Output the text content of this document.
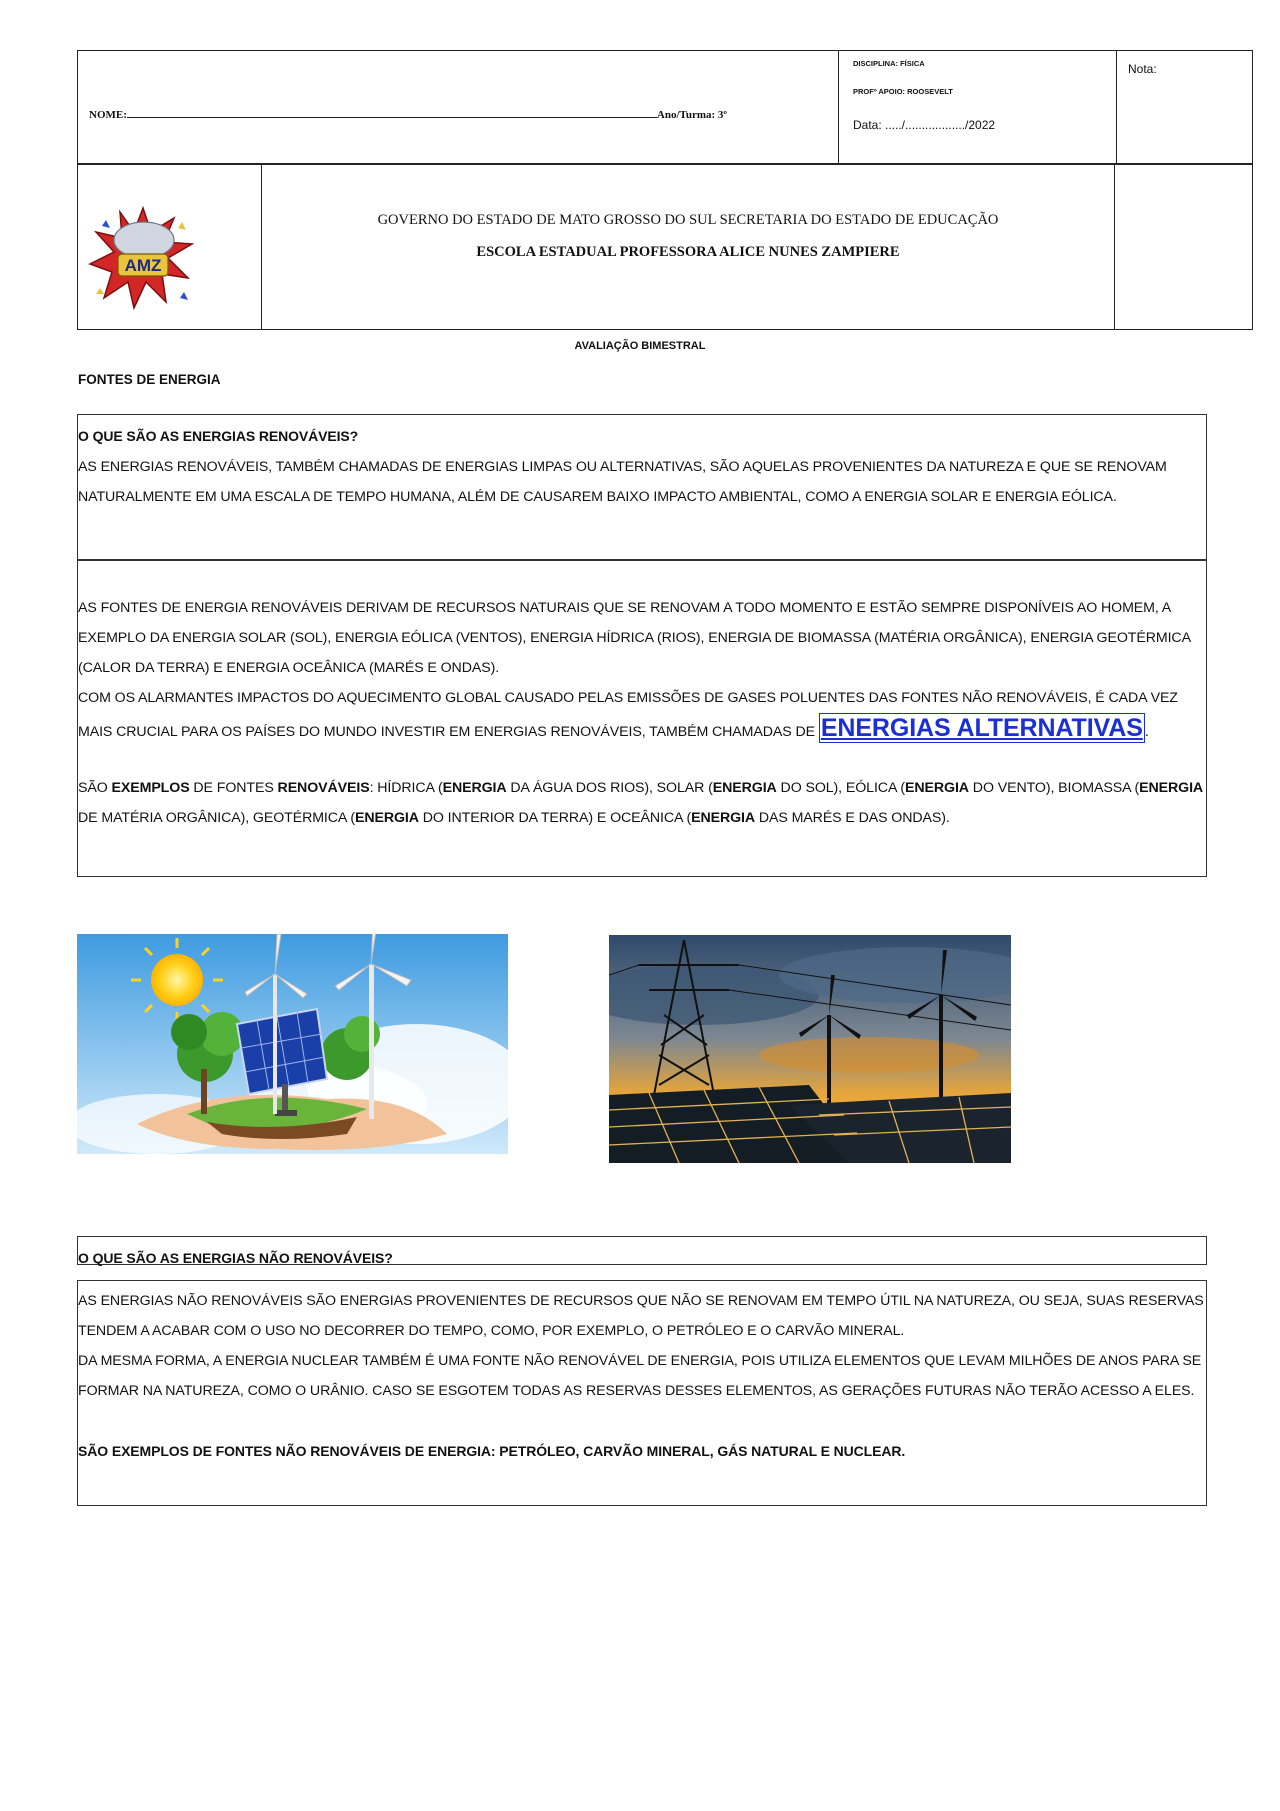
NOME:	Ano/Turma: 3º
DISCIPLINA: FÍSICA
PROFº APOIO: ROOSEVELT
Data: ...../................../2022
Nota:
AMZ
GOVERNO DO ESTADO DE MATO GROSSO DO SUL SECRETARIA DO ESTADO DE EDUCAÇÃO
ESCOLA ESTADUAL PROFESSORA ALICE NUNES ZAMPIERE
AVALIAÇÃO BIMESTRAL
FONTES DE ENERGIA
O QUE SÃO AS ENERGIAS RENOVÁVEIS?
AS ENERGIAS RENOVÁVEIS, TAMBÉM CHAMADAS DE ENERGIAS LIMPAS OU ALTERNATIVAS, SÃO AQUELAS PROVENIENTES DA NATUREZA E QUE SE RENOVAM NATURALMENTE EM UMA ESCALA DE TEMPO HUMANA, ALÉM DE CAUSAREM BAIXO IMPACTO AMBIENTAL, COMO A ENERGIA SOLAR E ENERGIA EÓLICA.
AS FONTES DE ENERGIA RENOVÁVEIS DERIVAM DE RECURSOS NATURAIS QUE SE RENOVAM A TODO MOMENTO E ESTÃO SEMPRE DISPONÍVEIS AO HOMEM, A EXEMPLO DA ENERGIA SOLAR (SOL), ENERGIA EÓLICA (VENTOS), ENERGIA HÍDRICA (RIOS), ENERGIA DE BIOMASSA (MATÉRIA ORGÂNICA), ENERGIA GEOTÉRMICA (CALOR DA TERRA) E ENERGIA OCEÂNICA (MARÉS E ONDAS).
COM OS ALARMANTES IMPACTOS DO AQUECIMENTO GLOBAL CAUSADO PELAS EMISSÕES DE GASES POLUENTES DAS FONTES NÃO RENOVÁVEIS, É CADA VEZ MAIS CRUCIAL PARA OS PAÍSES DO MUNDO INVESTIR EM ENERGIAS RENOVÁVEIS, TAMBÉM CHAMADAS DE ENERGIAS ALTERNATIVAS .
SÃO EXEMPLOS DE FONTES RENOVÁVEIS: HÍDRICA (ENERGIA DA ÁGUA DOS RIOS), SOLAR (ENERGIA DO SOL), EÓLICA (ENERGIA DO VENTO), BIOMASSA (ENERGIA DE MATÉRIA ORGÂNICA), GEOTÉRMICA (ENERGIA DO INTERIOR DA TERRA) E OCEÂNICA (ENERGIA DAS MARÉS E DAS ONDAS).
O QUE SÃO AS ENERGIAS NÃO RENOVÁVEIS?
AS ENERGIAS NÃO RENOVÁVEIS SÃO ENERGIAS PROVENIENTES DE RECURSOS QUE NÃO SE RENOVAM EM TEMPO ÚTIL NA NATUREZA, OU SEJA, SUAS RESERVAS TENDEM A ACABAR COM O USO NO DECORRER DO TEMPO, COMO, POR EXEMPLO, O PETRÓLEO E O CARVÃO MINERAL.
DA MESMA FORMA, A ENERGIA NUCLEAR TAMBÉM É UMA FONTE NÃO RENOVÁVEL DE ENERGIA, POIS UTILIZA ELEMENTOS QUE LEVAM MILHÕES DE ANOS PARA SE FORMAR NA NATUREZA, COMO O URÂNIO. CASO SE ESGOTEM TODAS AS RESERVAS DESSES ELEMENTOS, AS GERAÇÕES FUTURAS NÃO TERÃO ACESSO A ELES.
SÃO EXEMPLOS DE FONTES NÃO RENOVÁVEIS DE ENERGIA: PETRÓLEO, CARVÃO MINERAL, GÁS NATURAL E NUCLEAR.
